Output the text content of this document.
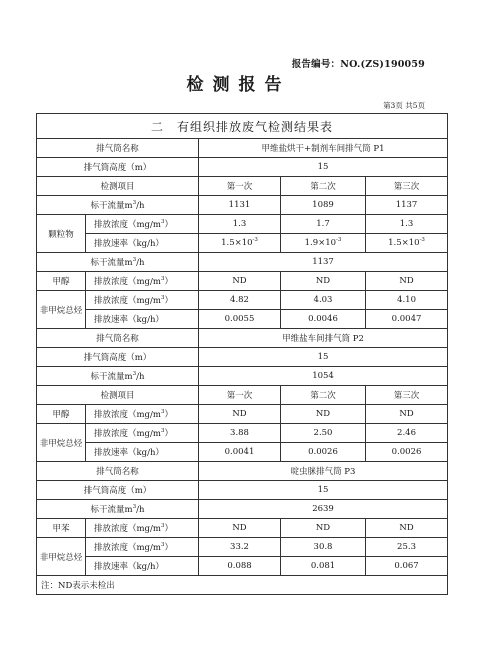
报告编号：NO.(ZS)190059
检测报告
第3页 共5页
二　有组织排放废气检测结果表				
排气筒名称		甲维盐烘干+制剂车间排气筒 P1		
排气筒高度（m）		15		
检测项目		第一次	第二次	第三次
标干流量$m^3/h$		1131	1089	1137
颗粒物	排放浓度$(mg/m^3)$	1.3	1.7	1.3
	排放速率（kg/h）	$1.5\times 10^{-3}$	$1.9\times 10^{-3}$	$1.5\times 10^{-3}$
标干流量$m^3/h$		1137		
甲醇	排放浓度$(mg/m^3)$	ND	ND	ND
非甲烷总烃	排放浓度$(mg/m^3)$	4.82	4.03	4.10
	排放速率（kg/h）	0.0055	0.0046	0.0047
排气筒名称		甲维盐车间排气筒 P2		
排气筒高度（m）		15		
标干流量$m^3/h$		1054		
检测项目		第一次	第二次	第三次
甲醇	排放浓度$(mg/m^3)$	ND	ND	ND
非甲烷总烃	排放浓度$(mg/m^3)$	3.88	2.50	2.46
	排放速率（kg/h）	0.0041	0.0026	0.0026
排气筒名称		啶虫脒排气筒 P3		
排气筒高度（m）		15		
标干流量$m^3/h$		2639		
甲苯	排放浓度$(mg/m^3)$	ND	ND	ND
非甲烷总烃	排放浓度$(mg/m^3)$	33.2	30.8	25.3
	排放速率（kg/h）	0.088	0.081	0.067
注：ND表示未检出				
